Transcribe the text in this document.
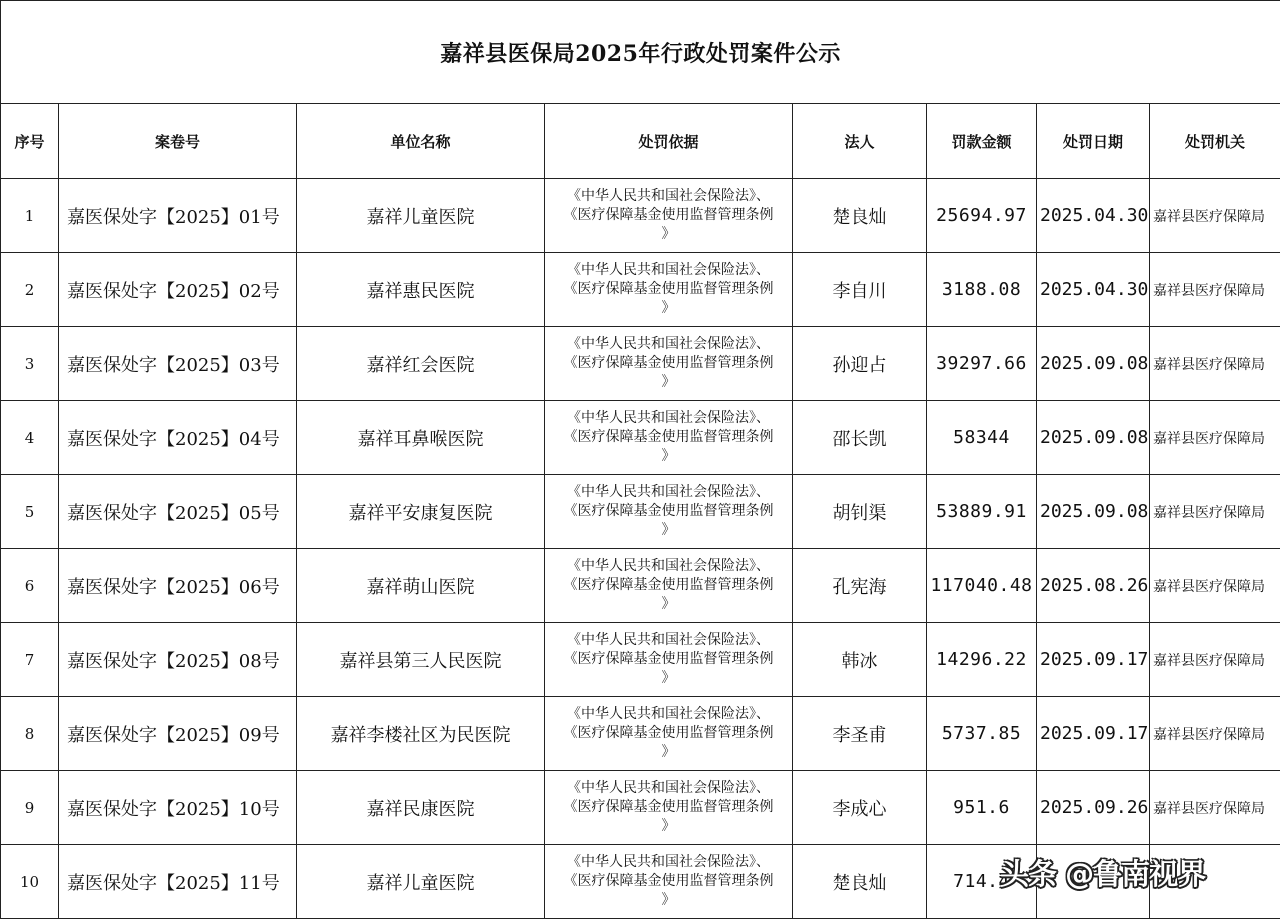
嘉祥县医保局2025年行政处罚案件公示							
序号	案卷号	单位名称	处罚依据	法人	罚款金额	处罚日期	处罚机关
1	嘉医保处字【2025】01号	嘉祥儿童医院	《中华人民共和国社会保险法》、
《医疗保障基金使用监督管理条例
》	楚良灿	25694.97	2025.04.30	嘉祥县医疗保障局
2	嘉医保处字【2025】02号	嘉祥惠民医院	《中华人民共和国社会保险法》、
《医疗保障基金使用监督管理条例
》	李自川	3188.08	2025.04.30	嘉祥县医疗保障局
3	嘉医保处字【2025】03号	嘉祥红会医院	《中华人民共和国社会保险法》、
《医疗保障基金使用监督管理条例
》	孙迎占	39297.66	2025.09.08	嘉祥县医疗保障局
4	嘉医保处字【2025】04号	嘉祥耳鼻喉医院	《中华人民共和国社会保险法》、
《医疗保障基金使用监督管理条例
》	邵长凯	58344	2025.09.08	嘉祥县医疗保障局
5	嘉医保处字【2025】05号	嘉祥平安康复医院	《中华人民共和国社会保险法》、
《医疗保障基金使用监督管理条例
》	胡钊渠	53889.91	2025.09.08	嘉祥县医疗保障局
6	嘉医保处字【2025】06号	嘉祥萌山医院	《中华人民共和国社会保险法》、
《医疗保障基金使用监督管理条例
》	孔宪海	117040.48	2025.08.26	嘉祥县医疗保障局
7	嘉医保处字【2025】08号	嘉祥县第三人民医院	《中华人民共和国社会保险法》、
《医疗保障基金使用监督管理条例
》	韩冰	14296.22	2025.09.17	嘉祥县医疗保障局
8	嘉医保处字【2025】09号	嘉祥李楼社区为民医院	《中华人民共和国社会保险法》、
《医疗保障基金使用监督管理条例
》	李圣甫	5737.85	2025.09.17	嘉祥县医疗保障局
9	嘉医保处字【2025】10号	嘉祥民康医院	《中华人民共和国社会保险法》、
《医疗保障基金使用监督管理条例
》	李成心	951.6	2025.09.26	嘉祥县医疗保障局
10	嘉医保处字【2025】11号	嘉祥儿童医院	《中华人民共和国社会保险法》、
《医疗保障基金使用监督管理条例
》	楚良灿	714.4		
头条 @鲁南视界
